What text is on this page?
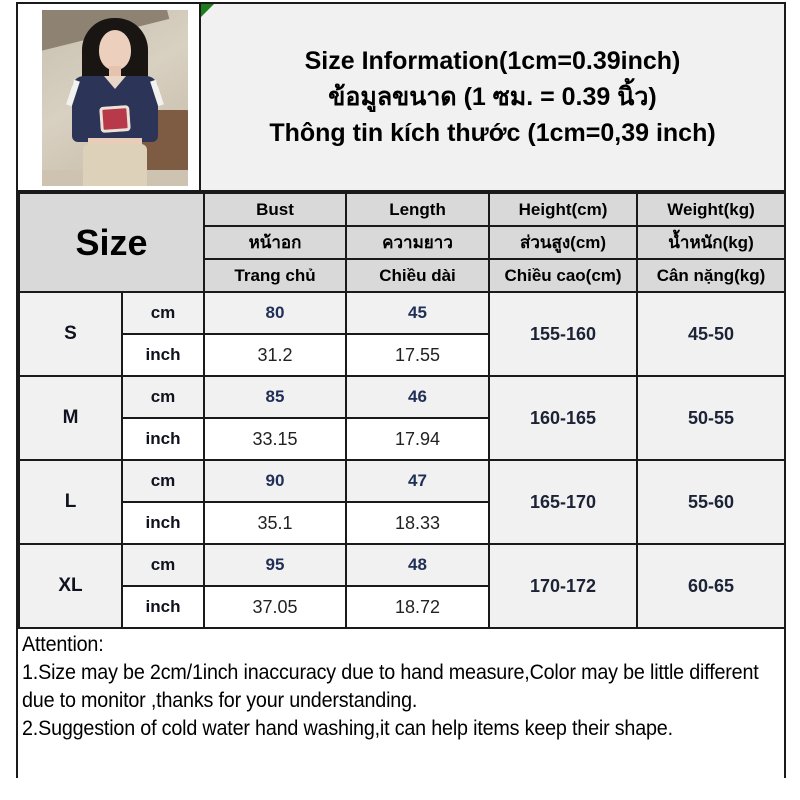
Size Information(1cm=0.39inch)
ข้อมูลขนาด (1 ซม. = 0.39 นิ้ว)
Thông tin kích thước (1cm=0,39 inch)
Size		Bust	Length	Height(cm)	Weight(kg)
		หน้าอก	ความยาว	ส่วนสูง(cm)	น้ำหนัก(kg)
		Trang chủ	Chiều dài	Chiều cao(cm)	Cân nặng(kg)
S	cm	80	45	155-160	45-50
	inch	31.2	17.55		
M	cm	85	46	160-165	50-55
	inch	33.15	17.94		
L	cm	90	47	165-170	55-60
	inch	35.1	18.33		
XL	cm	95	48	170-172	60-65
	inch	37.05	18.72		
Attention:
1.Size may be 2cm/1inch inaccuracy due to hand measure,Color may be little different due to monitor ,thanks for your understanding.
2.Suggestion of cold water hand washing,it can help items keep their shape.
